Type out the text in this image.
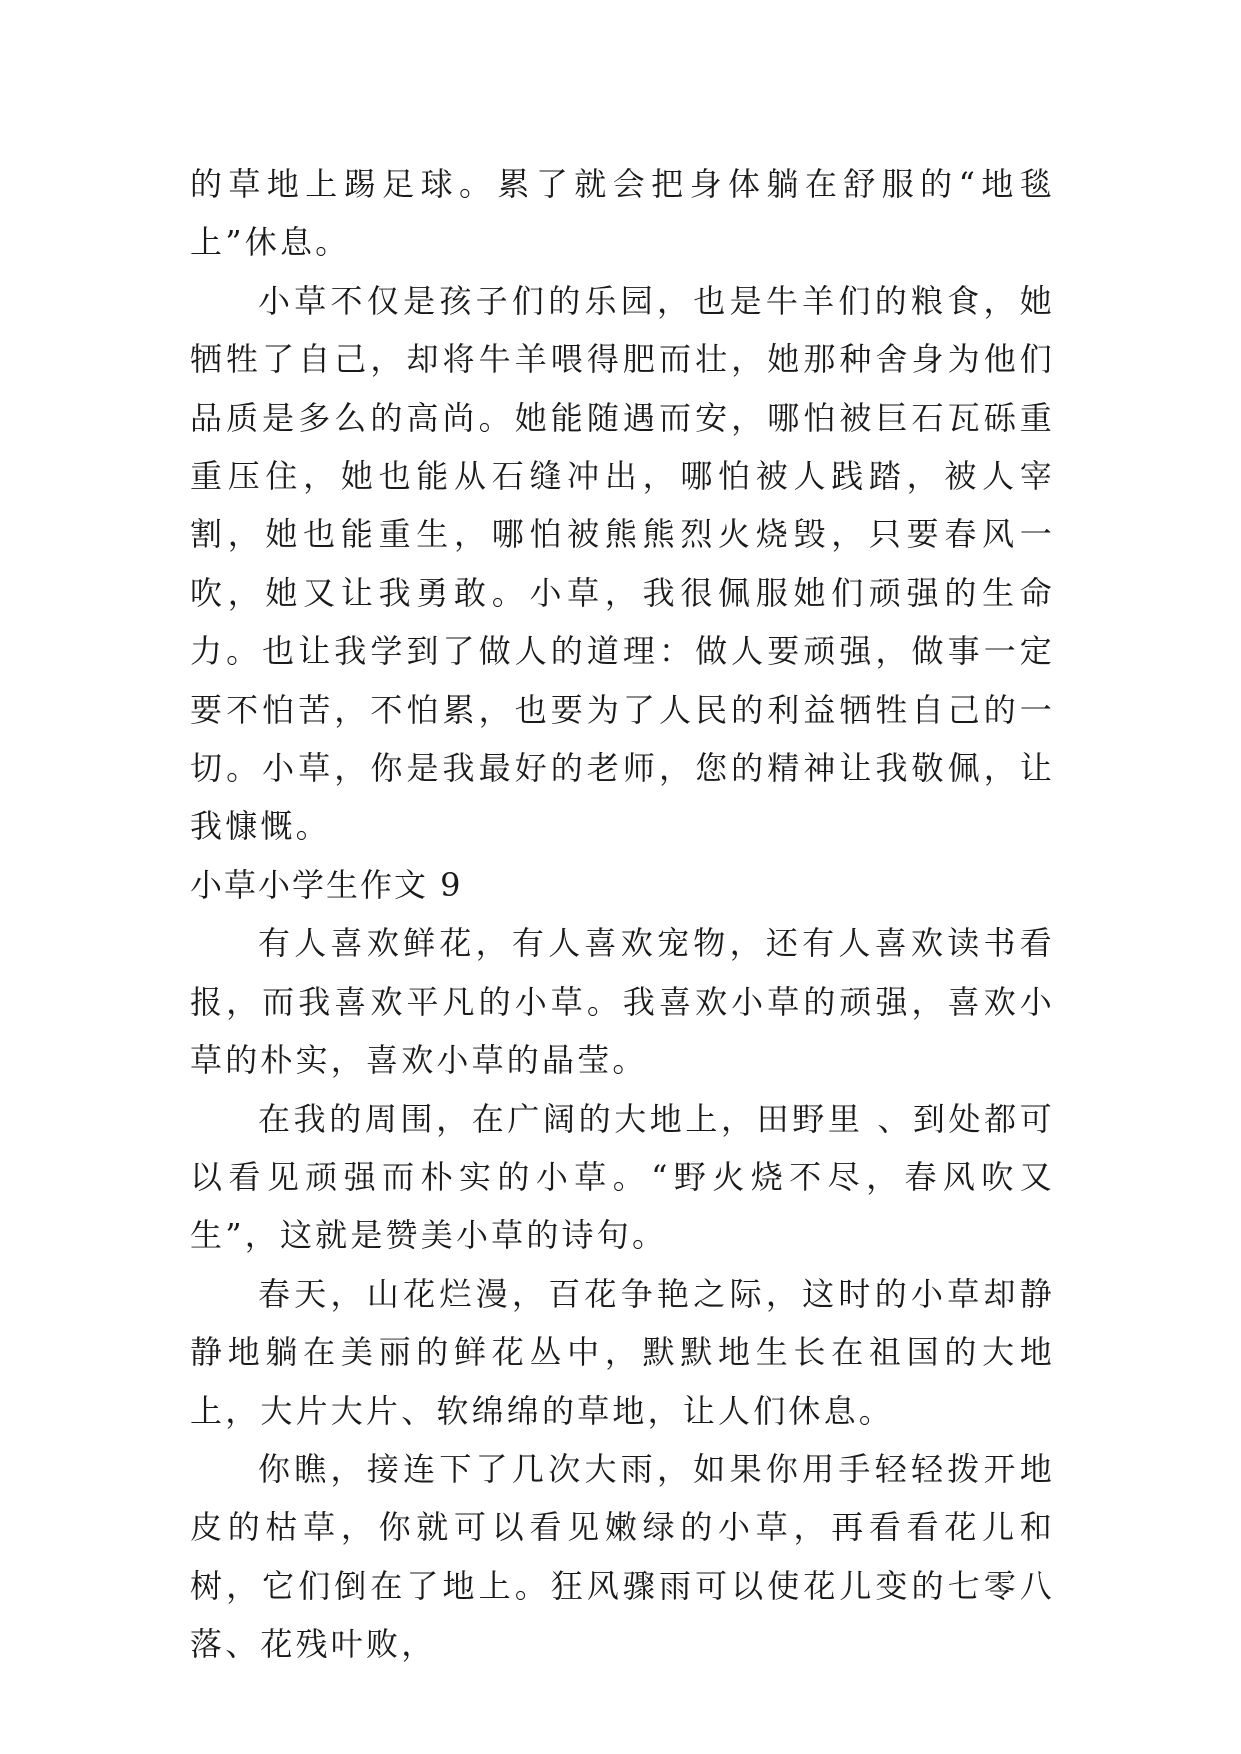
的草地上踢足球。累了就会把身体躺在舒服的“地毯上”休息。

小草不仅是孩子们的乐园，也是牛羊们的粮食，她牺牲了自己，却将牛羊喂得肥而壮，她那种舍身为他们品质是多么的高尚。她能随遇而安，哪怕被巨石瓦砾重重压住，她也能从石缝冲出，哪怕被人践踏，被人宰割，她也能重生，哪怕被熊熊烈火烧毁，只要春风一吹，她又让我勇敢。小草，我很佩服她们顽强的生命力。也让我学到了做人的道理：做人要顽强，做事一定要不怕苦，不怕累，也要为了人民的利益牺牲自己的一切。小草，你是我最好的老师，您的精神让我敬佩，让我慷慨。

小草小学生作文 9

有人喜欢鲜花，有人喜欢宠物，还有人喜欢读书看报，而我喜欢平凡的小草。我喜欢小草的顽强，喜欢小草的朴实，喜欢小草的晶莹。

在我的周围，在广阔的大地上，田野里 、到处都可以看见顽强而朴实的小草。“野火烧不尽，春风吹又生”，这就是赞美小草的诗句。

春天，山花烂漫，百花争艳之际，这时的小草却静静地躺在美丽的鲜花丛中，默默地生长在祖国的大地上，大片大片、软绵绵的草地，让人们休息。

你瞧，接连下了几次大雨，如果你用手轻轻拨开地皮的枯草，你就可以看见嫩绿的小草，再看看花儿和树，它们倒在了地上。狂风骤雨可以使花儿变的七零八落、花残叶败，
